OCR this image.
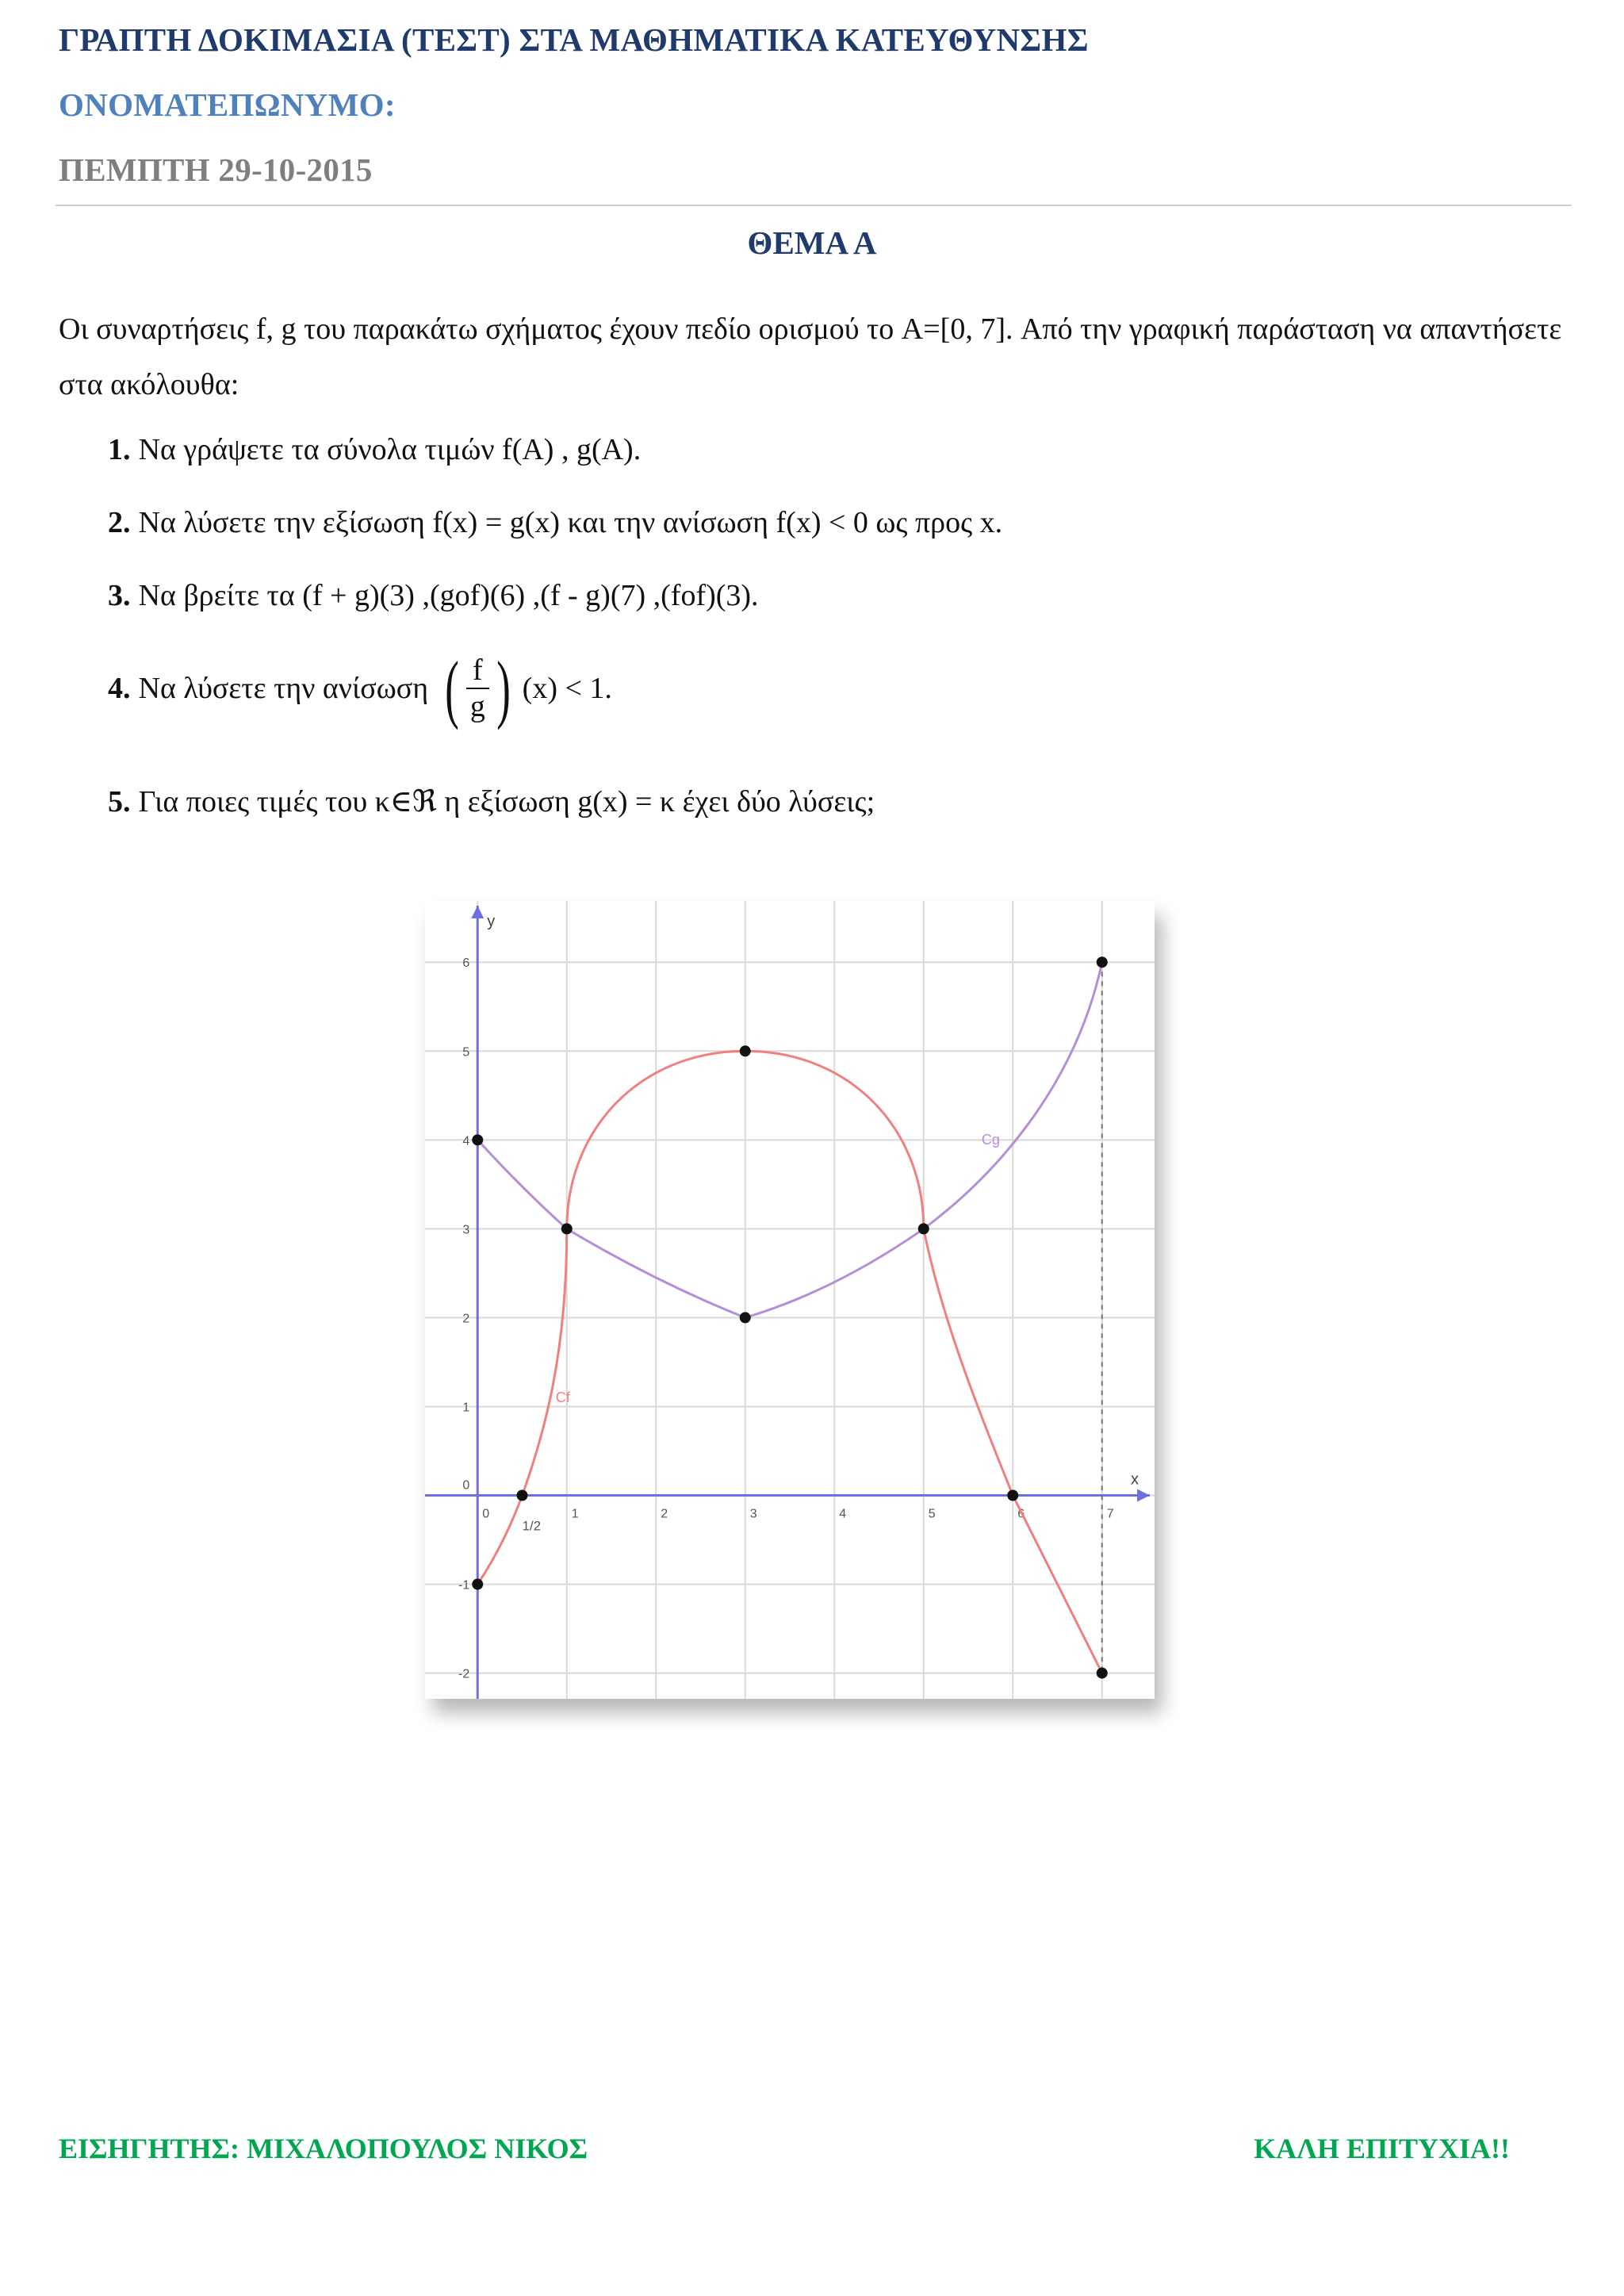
ΓΡΑΠΤΗ ΔΟΚΙΜΑΣΙΑ (ΤΕΣΤ) ΣΤΑ ΜΑΘΗΜΑΤΙΚΑ ΚΑΤΕΥΘΥΝΣΗΣ
ΟΝΟΜΑΤΕΠΩΝΥΜΟ:
ΠΕΜΠΤΗ 29-10-2015
ΘΕΜΑ Α
Οι συναρτήσεις f, g του παρακάτω σχήματος έχουν πεδίο ορισμού το A=[0, 7]. Από την γραφική παράσταση να απαντήσετε στα ακόλουθα:
1. Να γράψετε τα σύνολα τιμών f(A) , g(A).
2. Να λύσετε την εξίσωση f(x) = g(x) και την ανίσωση f(x) < 0 ως προς x.
3. Να βρείτε τα (f + g)(3) ,(gof)(6) ,(f - g)(7) ,(fof)(3).
4. Να λύσετε την ανίσωση ( $\frac{f}{g}$ ) (x) < 1.
5. Για ποιες τιμές του κ∈ℜ η εξίσωση g(x) = κ έχει δύο λύσεις;
x
y
0	1	2	3	4	5	6	7
-2
-1
1
2
3
4
5
6
0
1/2
Cf
Cg
ΕΙΣΗΓΗΤΗΣ: ΜΙΧΑΛΟΠΟΥΛΟΣ ΝΙΚΟΣ	ΚΑΛΗ ΕΠΙΤΥΧΙΑ!!
